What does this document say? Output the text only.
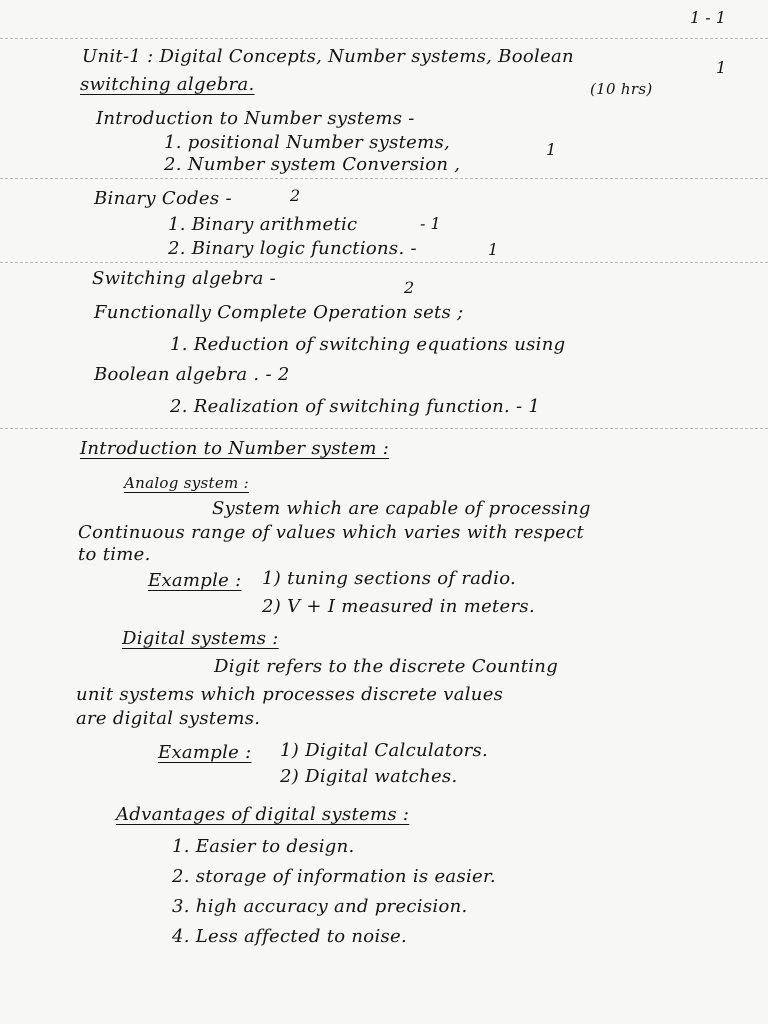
1 - 1
1
Unit-1 : Digital Concepts, Number systems, Boolean
switching algebra.	(10 hrs)
Introduction to Number systems -
1. positional Number systems,
2. Number system Conversion ,
1
Binary Codes -	2
1. Binary arithmetic	- 1
2. Binary logic functions. -	1
Switching algebra -	2
Functionally Complete Operation sets ;
1. Reduction of switching equations using
Boolean algebra . - 2
2. Realization of switching function. - 1
Introduction to Number system :
Analog system :
System which are capable of processing
Continuous range of values which varies with respect
to time.
Example : 1) tuning sections of radio.
2) V + I measured in meters.
Digital systems :
Digit refers to the discrete Counting
unit systems which processes discrete values
are digital systems.
Example : 1) Digital Calculators.
2) Digital watches.
Advantages of digital systems :
1. Easier to design.
2. storage of information is easier.
3. high accuracy and precision.
4. Less affected to noise.
